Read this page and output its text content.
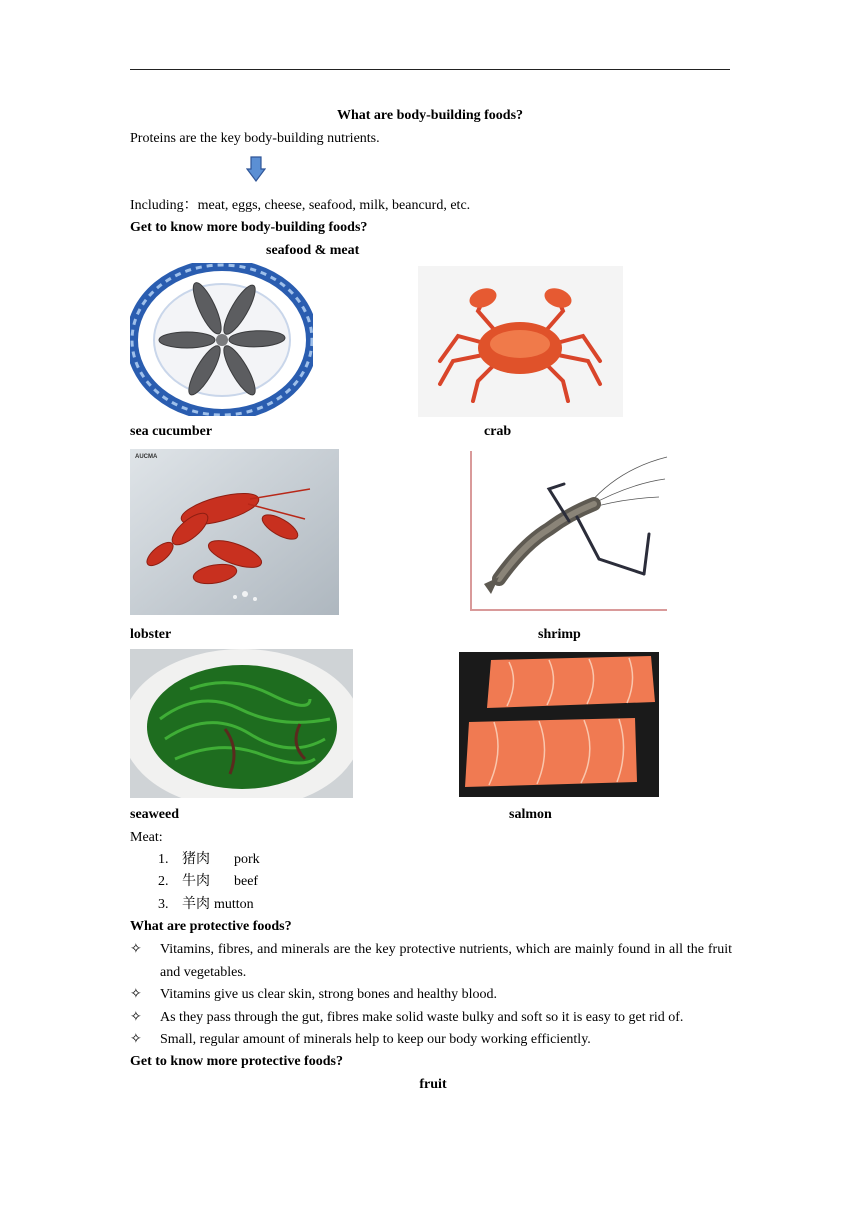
What are body-building foods?
Proteins are the key body-building nutrients.
Including：meat, eggs, cheese, seafood, milk, beancurd, etc.
Get to know more body-building foods?
seafood & meat
sea cucumber	crab
AUCMA
lobster	shrimp
seaweed	salmon
Meat:
1. 猪肉 pork
2. 牛肉 beef
3. 羊肉 mutton
What are protective foods?
✧ Vitamins, fibres, and minerals are the key protective nutrients, which are mainly found in all the fruit and vegetables.
✧ Vitamins give us clear skin, strong bones and healthy blood.
✧ As they pass through the gut, fibres make solid waste bulky and soft so it is easy to get rid of.
✧ Small, regular amount of minerals help to keep our body working efficiently.
Get to know more protective foods?
fruit
